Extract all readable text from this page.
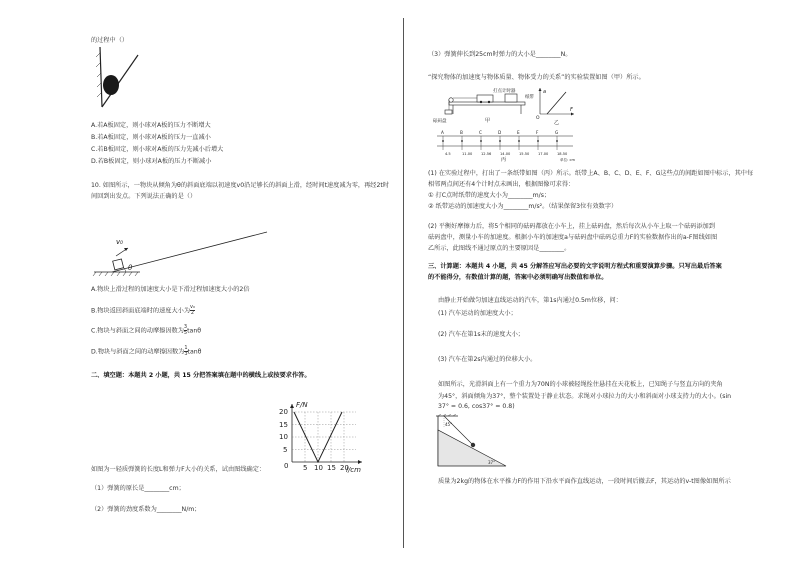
的过程中（）
A.若A板固定，则小球对A板的压力不断增大
B.若A板固定，则小球对A板的压力一直减小
C.若B板固定，则小球对A板的压力先减小后增大
D.若B板固定，则小球对A板的压力不断减小
10. 如图所示，一物块从倾角为θ的斜面底端以初速度v0沿足够长的斜面上滑，经时间t速度减为零，再经2t时
间回到出发点。下列说法正确的是（）
v₀
θ
A.物块上滑过程的加速度大小是下滑过程加速度大小的2倍
B.物块返回斜面底端时的速度大小为 $\frac{\text{v₀}}{2}$
C.物块与斜面之间的动摩擦因数为 $\frac{3}{5}$ tanθ
D.物块与斜面之间的动摩擦因数为 $\frac{1}{3}$ tanθ
二、填空题：本题共 2 小题，共 15 分把答案填在题中的横线上或按要求作答。
F/N
l/cm
20
15
10
5
0 5 10 15 20
如图为一轻质弹簧的长度L和弹力F大小的关系，试由图线确定：
（1）弹簧的原长是________cm；
（2）弹簧的劲度系数为________N/m；
（3）弹簧伸长到25cm时弹力的大小是________N。
“探究物体的加速度与物体质量、物体受力的关系”的实验装置如图（甲）所示。
砝码盘
打点计时器
纸带
甲
a
F
O
乙
A	B	C	D	E	F	G
4.5	11.00 12.56 14.00 15.50 17.00 18.50
单位: cm
丙
(1) 在实验过程中，打出了一条纸带如图（丙）所示。纸带上A、B、C、D、E、F、G这些点的间距如图中标示，其中每
相邻两点间还有4个计时点未画出，根据图像可求得：
① 打C点时纸带的速度大小为________m/s；
② 纸带运动的加速度大小为________m/s²。（结果保留3位有效数字）
(2) 平衡好摩擦力后，将5个相同的砝码都放在小车上，挂上砝码盘，然后每次从小车上取一个砝码添加到
砝码盘中，测量小车的加速度。根据小车的加速度a与砝码盘中砝码总重力F的实验数据作出的a-F图线如图
乙所示，此图线不通过原点的主要原因是________。
三、计算题：本题共 4 小题，共 45 分解答应写出必要的文字说明方程式和重要演算步骤。只写出最后答案
的不能得分，有数值计算的题，答案中必须明确写出数值和单位。
由静止开始做匀加速直线运动的汽车，第1s内通过0.5m位移，问：
(1) 汽车运动的加速度大小；
(2) 汽车在第1s末的速度大小；
(3) 汽车在第2s内通过的位移大小。
如图所示，光滑斜面上有一个重力为70N的小球被轻绳拴住悬挂在天花板上，已知绳子与竖直方向的夹角
为45°，斜面倾角为37°，整个装置处于静止状态。求绳对小球拉力的大小和斜面对小球支持力的大小。(sin
37° = 0.6, cos37° = 0.8)
45°
37°
质量为2kg的物体在水平推力F的作用下沿水平面作直线运动，一段时间后撤去F，其运动的v-t图像如图所示
